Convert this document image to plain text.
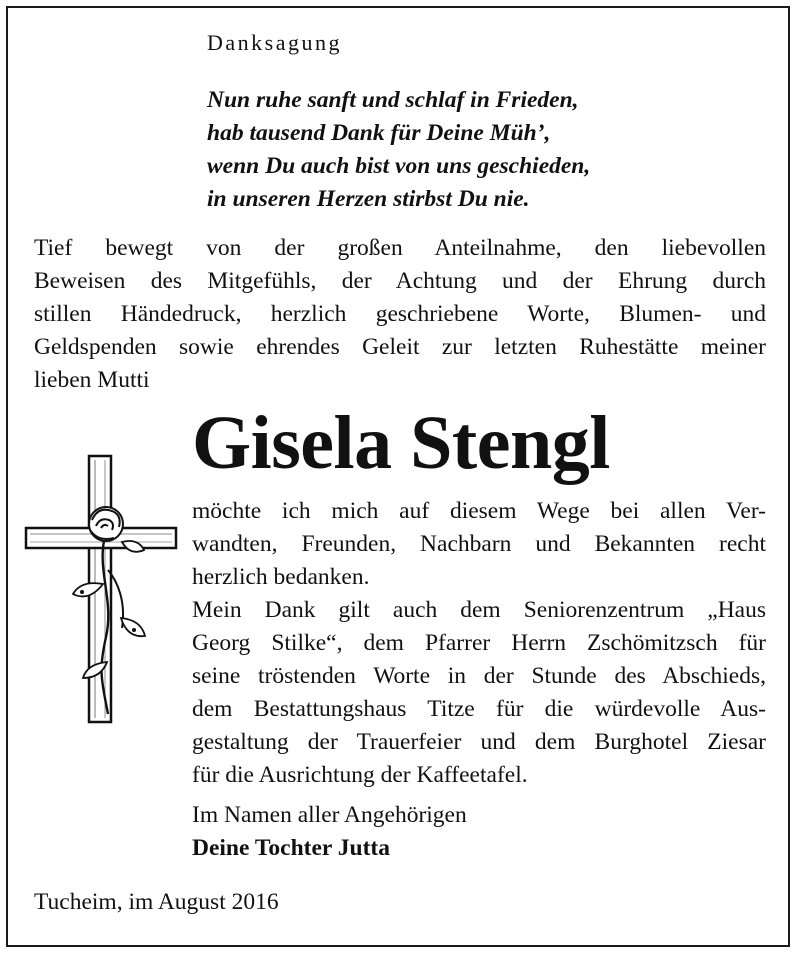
Danksagung
Nun ruhe sanft und schlaf in Frieden,
hab tausend Dank für Deine Müh’,
wenn Du auch bist von uns geschieden,
in unseren Herzen stirbst Du nie.
Tief bewegt von der großen Anteilnahme, den liebevollen
Beweisen des Mitgefühls, der Achtung und der Ehrung durch
stillen Händedruck, herzlich geschriebene Worte, Blumen- und
Geldspenden sowie ehrendes Geleit zur letzten Ruhestätte meiner
lieben Mutti
Gisela Stengl
möchte ich mich auf diesem Wege bei allen Ver-
wandten, Freunden, Nachbarn und Bekannten recht
herzlich bedanken.
Mein Dank gilt auch dem Seniorenzentrum „Haus
Georg Stilke“, dem Pfarrer Herrn Zschömitzsch für
seine tröstenden Worte in der Stunde des Abschieds,
dem Bestattungshaus Titze für die würdevolle Aus-
gestaltung der Trauerfeier und dem Burghotel Ziesar
für die Ausrichtung der Kaffeetafel.
Im Namen aller Angehörigen
Deine Tochter Jutta
Tucheim, im August 2016
